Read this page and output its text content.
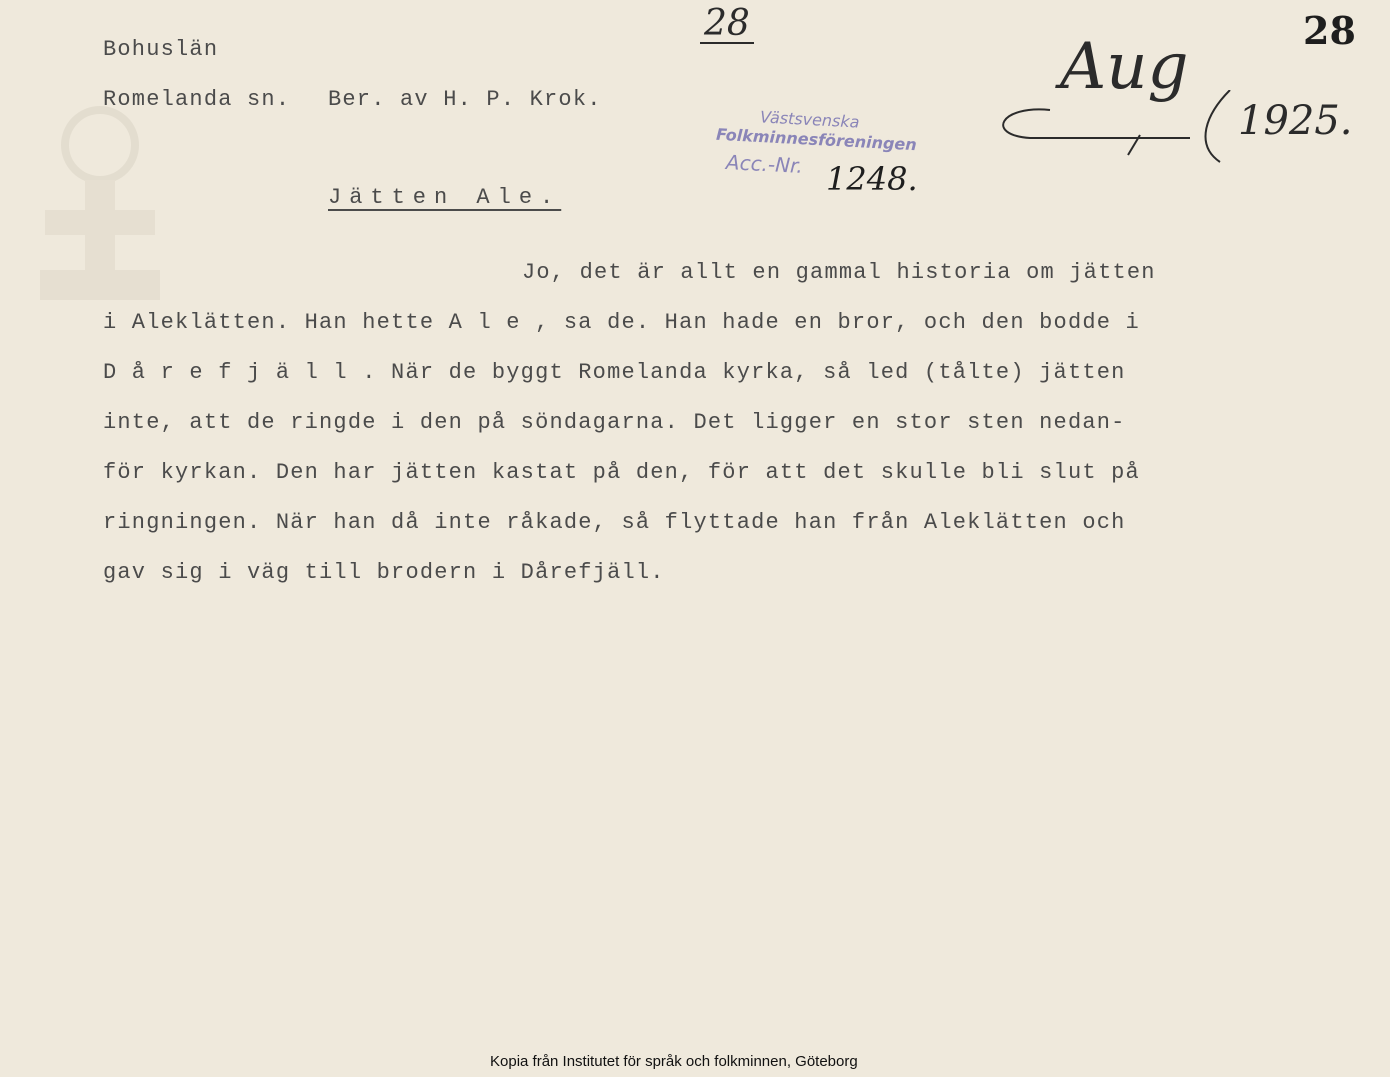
Bohuslän
Romelanda sn. Ber. av H. P. Krok.
28	28
Aug
1925.
Västsvenska
Folkminnesföreningen
Acc.-Nr. 1248.
Jätten Ale.
Jo, det är allt en gammal historia om jätten
i Aleklätten. Han hette A l e , sa de. Han hade en bror, och den bodde i
D å r e f j ä l l . När de byggt Romelanda kyrka, så led (tålte) jätten
inte, att de ringde i den på söndagarna. Det ligger en stor sten nedan-
för kyrkan. Den har jätten kastat på den, för att det skulle bli slut på
ringningen. När han då inte råkade, så flyttade han från Aleklätten och
gav sig i väg till brodern i Dårefjäll.
Kopia från Institutet för språk och folkminnen, Göteborg
